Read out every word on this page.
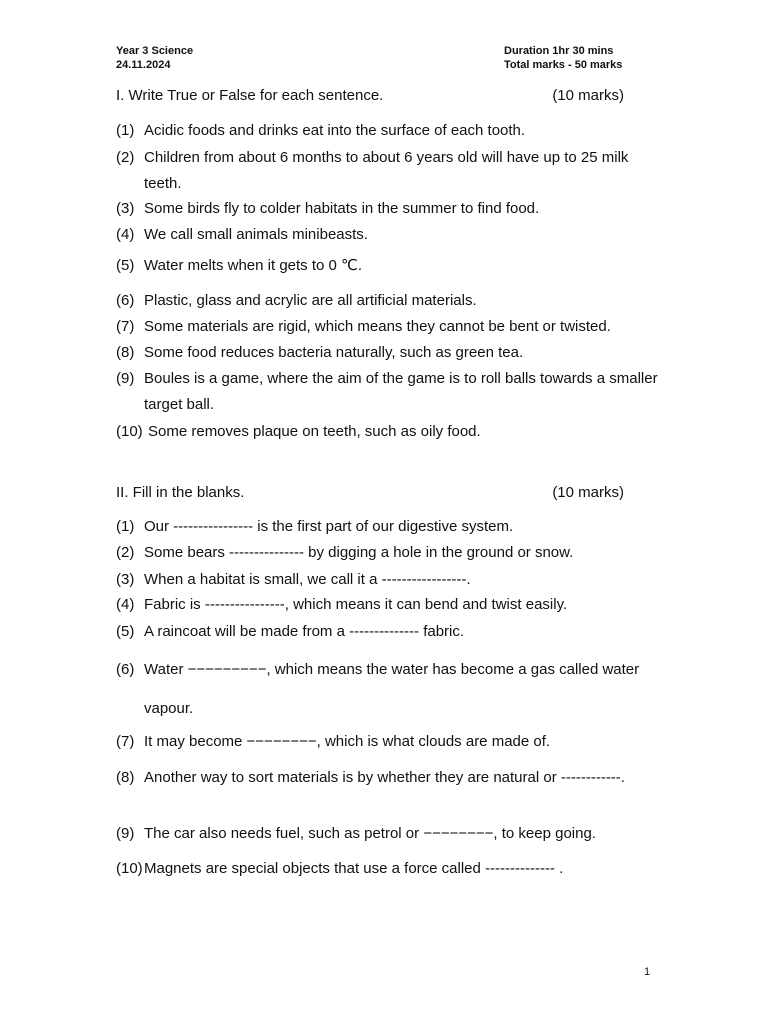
Year 3 Science
24.11.2024
Duration 1hr 30 mins
Total marks - 50 marks
I. Write True or False for each sentence.	(10 marks)
(1) Acidic foods and drinks eat into the surface of each tooth.
(2) Children from about 6 months to about 6 years old will have up to 25 milk teeth.
(3) Some birds fly to colder habitats in the summer to find food.
(4) We call small animals minibeasts.
(5) Water melts when it gets to 0 ℃.
(6) Plastic, glass and acrylic are all artificial materials.
(7) Some materials are rigid, which means they cannot be bent or twisted.
(8) Some food reduces bacteria naturally, such as green tea.
(9) Boules is a game, where the aim of the game is to roll balls towards a smaller target ball.
(10) Some removes plaque on teeth, such as oily food.
II. Fill in the blanks.	(10 marks)
(1) Our ---------------- is the first part of our digestive system.
(2) Some bears --------------- by digging a hole in the ground or snow.
(3) When a habitat is small, we call it a -----------------.
(4) Fabric is ----------------, which means it can bend and twist easily.
(5) A raincoat will be made from a -------------- fabric.
(6) Water −−−−−−−−−, which means the water has become a gas called water vapour.
(7) It may become −−−−−−−−, which is what clouds are made of.
(8) Another way to sort materials is by whether they are natural or ------------.
(9) The car also needs fuel, such as petrol or −−−−−−−−, to keep going.
(10) Magnets are special objects that use a force called -------------- .
1
